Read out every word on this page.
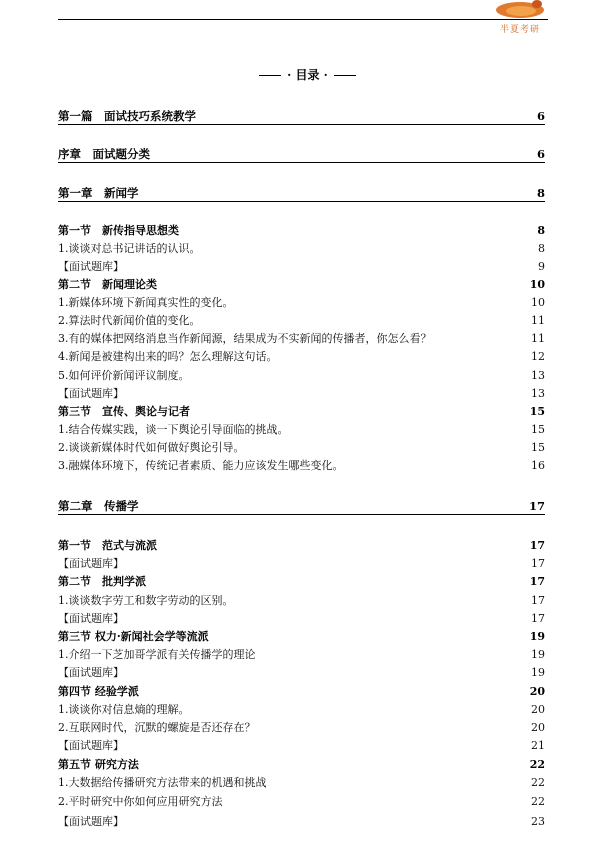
半夏考研
· 目录 ·
第一篇　面试技巧系统教学	6
序章　面试题分类	6
第一章　新闻学	8
第一节　新传指导思想类	8
1.谈谈对总书记讲话的认识。	8
【面试题库】	9
第二节　新闻理论类	10
1.新媒体环境下新闻真实性的变化。	10
2.算法时代新闻价值的变化。	11
3.有的媒体把网络消息当作新闻源，结果成为不实新闻的传播者，你怎么看？	11
4.新闻是被建构出来的吗？怎么理解这句话。	12
5.如何评价新闻评议制度。	13
【面试题库】	13
第三节　宣传、舆论与记者	15
1.结合传媒实践，谈一下舆论引导面临的挑战。	15
2.谈谈新媒体时代如何做好舆论引导。	15
3.融媒体环境下，传统记者素质、能力应该发生哪些变化。	16
第二章　传播学	17
第一节　范式与流派	17
【面试题库】	17
第二节　批判学派	17
1.谈谈数字劳工和数字劳动的区别。	17
【面试题库】	17
第三节 权力·新闻社会学等流派	19
1.介绍一下芝加哥学派有关传播学的理论	19
【面试题库】	19
第四节 经验学派	20
1.谈谈你对信息熵的理解。	20
2.互联网时代，沉默的螺旋是否还存在？	20
【面试题库】	21
第五节 研究方法	22
1.大数据给传播研究方法带来的机遇和挑战	22
2.平时研究中你如何应用研究方法	22
【面试题库】	23
